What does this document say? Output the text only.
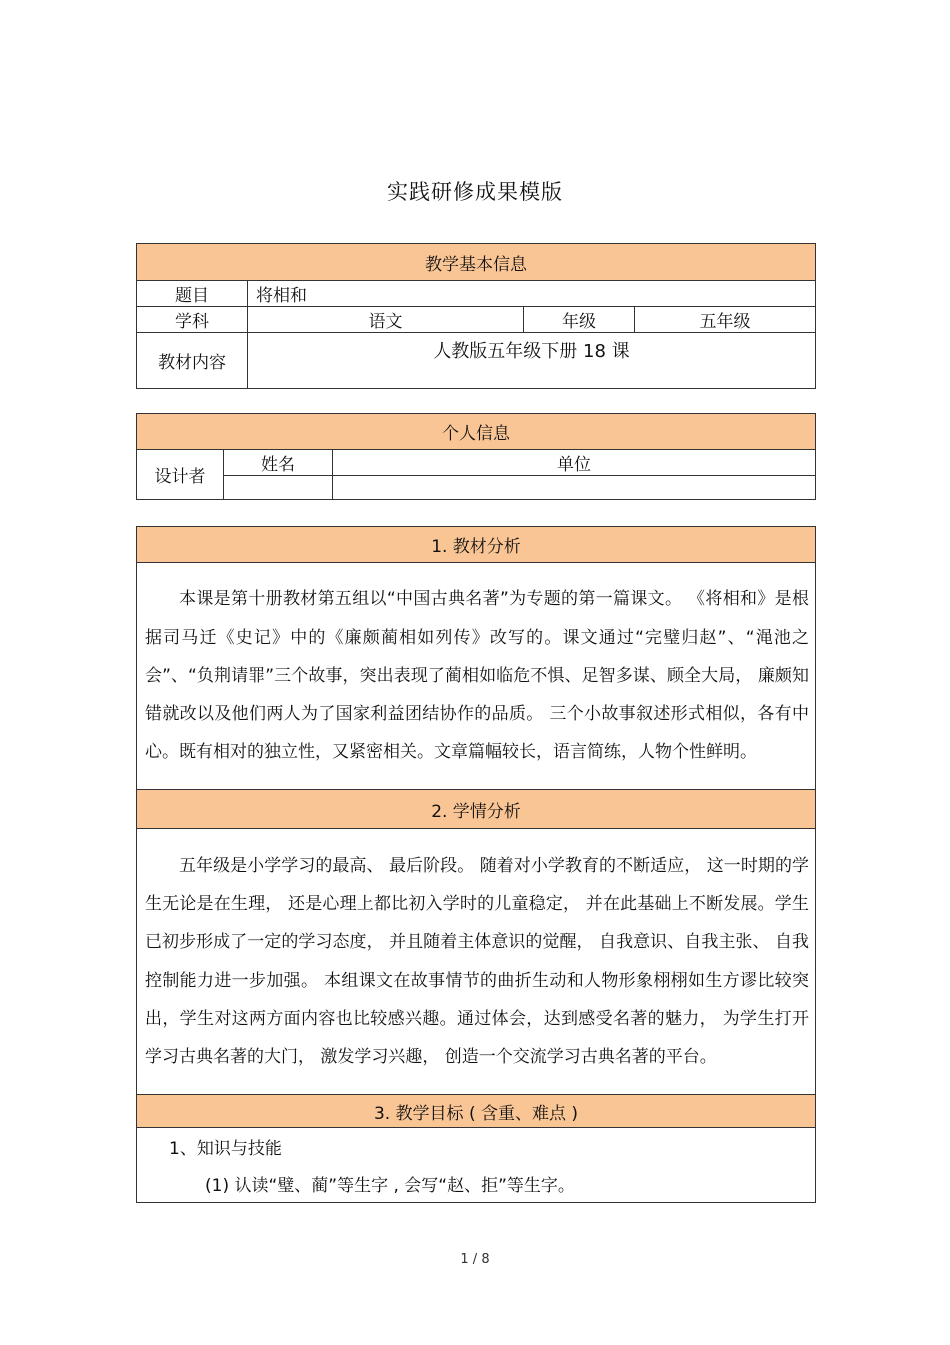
实践研修成果模版
教学基本信息			
题目	将相和		
学科	语文	年级	五年级
教材内容	人教版五年级下册 18 课		
个人信息		
设计者	姓名	单位

1. 教材分析
本课是第十册教材第五组以“中国古典名著”为专题的第一篇课文。 《将相和》是根据司马迁《史记》中的《廉颇蔺相如列传》改写的。课文通过“完璧归赵”、“渑池之会”、“负荆请罪”三个故事，突出表现了蔺相如临危不惧、足智多谋、顾全大局， 廉颇知错就改以及他们两人为了国家利益团结协作的品质。 三个小故事叙述形式相似，各有中心。既有相对的独立性，又紧密相关。文章篇幅较长，语言简练，人物个性鲜明。
2. 学情分析
五年级是小学学习的最高、 最后阶段。 随着对小学教育的不断适应， 这一时期的学生无论是在生理， 还是心理上都比初入学时的儿童稳定， 并在此基础上不断发展。学生已初步形成了一定的学习态度， 并且随着主体意识的觉醒， 自我意识、自我主张、 自我控制能力进一步加强。 本组课文在故事情节的曲折生动和人物形象栩栩如生方谬比较突出，学生对这两方面内容也比较感兴趣。通过体会，达到感受名著的魅力， 为学生打开学习古典名著的大门， 激发学习兴趣， 创造一个交流学习古典名著的平台。
3. 教学目标 ( 含重、难点 )
1、知识与技能
(1) 认读“璧、蔺”等生字 , 会写“赵、拒”等生字。
1 / 8
